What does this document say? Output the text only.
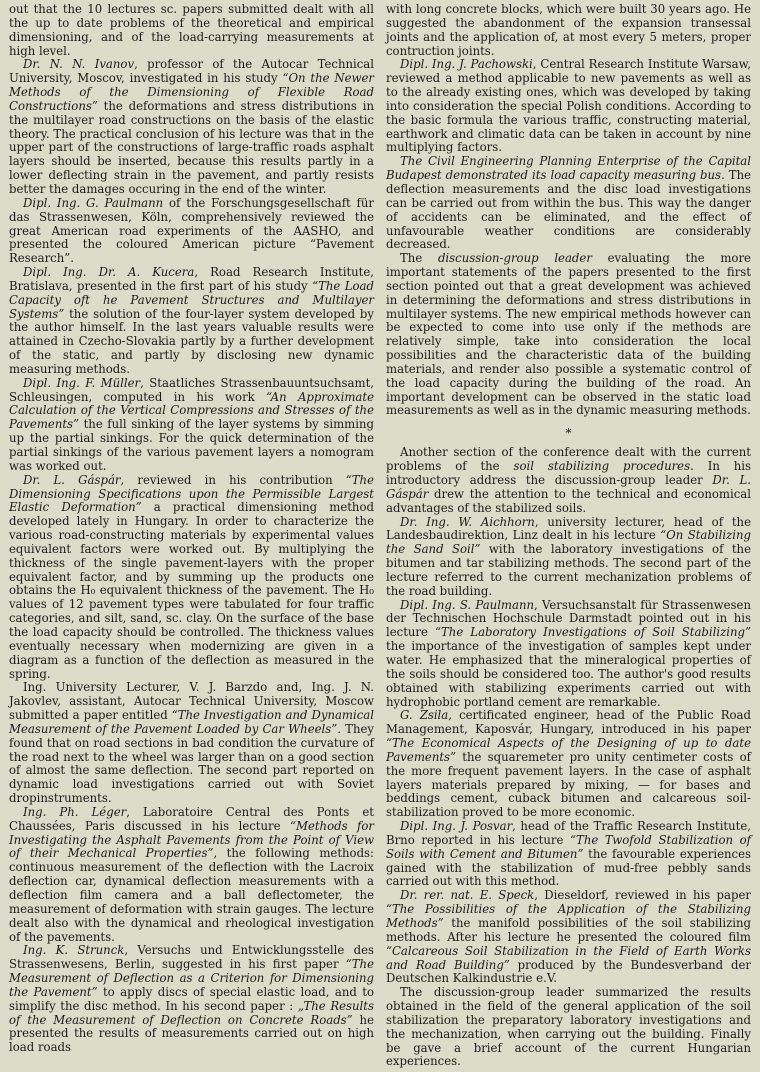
out that the 10 lectures sc. papers submitted dealt with all the up to date problems of the theoretical and empirical dimensioning, and of the load-carrying measurements at high level.

Dr. N. N. Ivanov, professor of the Autocar Technical University, Moscov, investigated in his study “On the Newer Methods of the Dimensioning of Flexible Road Constructions” the deformations and stress distributions in the multilayer road constructions on the basis of the elastic theory. The practical conclusion of his lecture was that in the upper part of the constructions of large-traffic roads asphalt layers should be inserted, because this results partly in a lower deflecting strain in the pavement, and partly resists better the damages occuring in the end of the winter.

Dipl. Ing. G. Paulmann of the Forschungsgesellschaft für das Strassenwesen, Köln, comprehensively reviewed the great American road experiments of the AASHO, and presented the coloured American picture “Pavement Research”.

Dipl. Ing. Dr. A. Kucera, Road Research Institute, Bratislava, presented in the first part of his study “The Load Capacity oft he Pavement Structures and Multilayer Systems” the solution of the four-layer system developed by the author himself. In the last years valuable results were attained in Czecho-Slovakia partly by a further development of the static, and partly by disclosing new dynamic measuring methods.

Dipl. Ing. F. Müller, Staatliches Strassenbauuntsuchsamt, Schleusingen, computed in his work “An Approximate Calculation of the Vertical Compressions and Stresses of the Pavements” the full sinking of the layer systems by simming up the partial sinkings. For the quick determination of the partial sinkings of the various pavement layers a nomogram was worked out.

Dr. L. Gáspár, reviewed in his contribution “The Dimensioning Specifications upon the Permissible Largest Elastic Deformation” a practical dimensioning method developed lately in Hungary. In order to characterize the various road-constructing materials by experimental values equivalent factors were worked out. By multiplying the thickness of the single pavement-layers with the proper equivalent factor, and by summing up the products one obtains the H₀ equivalent thickness of the pavement. The H₀ values of 12 pavement types were tabulated for four traffic categories, and silt, sand, sc. clay. On the surface of the base the load capacity should be controlled. The thickness values eventually necessary when modernizing are given in a diagram as a function of the deflection as measured in the spring.

Ing. University Lecturer, V. J. Barzdo and, Ing. J. N. Jakovlev, assistant, Autocar Technical University, Moscow submitted a paper entitled “The Investigation and Dynamical Measurement of the Pavement Loaded by Car Wheels”. They found that on road sections in bad condition the curvature of the road next to the wheel was larger than on a good section of almost the same deflection. The second part reported on dynamic load investigations carried out with Soviet dropinstruments.

Ing. Ph. Léger, Laboratoire Central des Ponts et Chaussées, Paris discussed in his lecture “Methods for Investigating the Asphalt Pavements from the Point of View of their Mechanical Properties”, the following methods: continuous measurement of the deflection with the Lacroix deflection car, dynamical deflection measurements with a deflection film camera and a ball deflectometer, the measurement of deformation with strain gauges. The lecture dealt also with the dynamical and rheological investigation of the pavements.

Ing. K. Strunck, Versuchs und Entwicklungsstelle des Strassenwesens, Berlin, suggested in his first paper “The Measurement of Deflection as a Criterion for Dimensioning the Pavement” to apply discs of special elastic load, and to simplify the disc method. In his second paper : „The Results of the Measurement of Deflection on Concrete Roads” he presented the results of measurements carried out on high load roads

with long concrete blocks, which were built 30 years ago. He suggested the abandonment of the expansion transessal joints and the application of, at most every 5 meters, proper contruction joints.

Dipl. Ing. J. Pachowski, Central Research Institute Warsaw, reviewed a method applicable to new pavements as well as to the already existing ones, which was developed by taking into consideration the special Polish conditions. According to the basic formula the various traffic, constructing material, earthwork and climatic data can be taken in account by nine multiplying factors.

The Civil Engineering Planning Enterprise of the Capital Budapest demonstrated its load capacity measuring bus. The deflection measurements and the disc load investigations can be carried out from within the bus. This way the danger of accidents can be eliminated, and the effect of unfavourable weather conditions are considerably decreased.

The discussion-group leader evaluating the more important statements of the papers presented to the first section pointed out that a great development was achieved in determining the deformations and stress distributions in multilayer systems. The new empirical methods however can be expected to come into use only if the methods are relatively simple, take into consideration the local possibilities and the characteristic data of the building materials, and render also possible a systematic control of the load capacity during the building of the road. An important development can be observed in the static load measurements as well as in the dynamic measuring methods.

*

Another section of the conference dealt with the current problems of the soil stabilizing procedures. In his introductory address the discussion-group leader Dr. L. Gáspár drew the attention to the technical and economical advantages of the stabilized soils.

Dr. Ing. W. Aichhorn, university lecturer, head of the Landesbaudirektion, Linz dealt in his lecture “On Stabilizing the Sand Soil” with the laboratory investigations of the bitumen and tar stabilizing methods. The second part of the lecture referred to the current mechanization problems of the road building.

Dipl. Ing. S. Paulmann, Versuchsanstalt für Strassenwesen der Technischen Hochschule Darmstadt pointed out in his lecture “The Laboratory Investigations of Soil Stabilizing” the importance of the investigation of samples kept under water. He emphasized that the mineralogical properties of the soils should be considered too. The author's good results obtained with stabilizing experiments carried out with hydrophobic portland cement are remarkable.

G. Zsila, certificated engineer, head of the Public Road Management, Kaposvár, Hungary, introduced in his paper “The Economical Aspects of the Designing of up to date Pavements” the squaremeter pro unity centimeter costs of the more frequent pavement layers. In the case of asphalt layers materials prepared by mixing, — for bases and beddings cement, cuback bitumen and calcareous soil-stabilization proved to be more economic.

Dipl. Ing. J. Posvar, head of the Traffic Research Institute, Brno reported in his lecture “The Twofold Stabilization of Soils with Cement and Bitumen” the favourable experiences gained with the stabilization of mud-free pebbly sands carried out with this method.

Dr. rer. nat. E. Speck, Dieseldorf, reviewed in his paper “The Possibilities of the Application of the Stabilizing Methods” the manifold possibilities of the soil stabilizing methods. After his lecture he presented the coloured film “Calcareous Soil Stabilization in the Field of Earth Works and Road Building” produced by the Bundesverband der Deutschen Kalkindustrie e.V.

The discussion-group leader summarized the results obtained in the field of the general application of the soil stabilization the preparatory laboratory investigations and the mechanization, when carrying out the building. Finally be gave a brief account of the current Hungarian experiences.
